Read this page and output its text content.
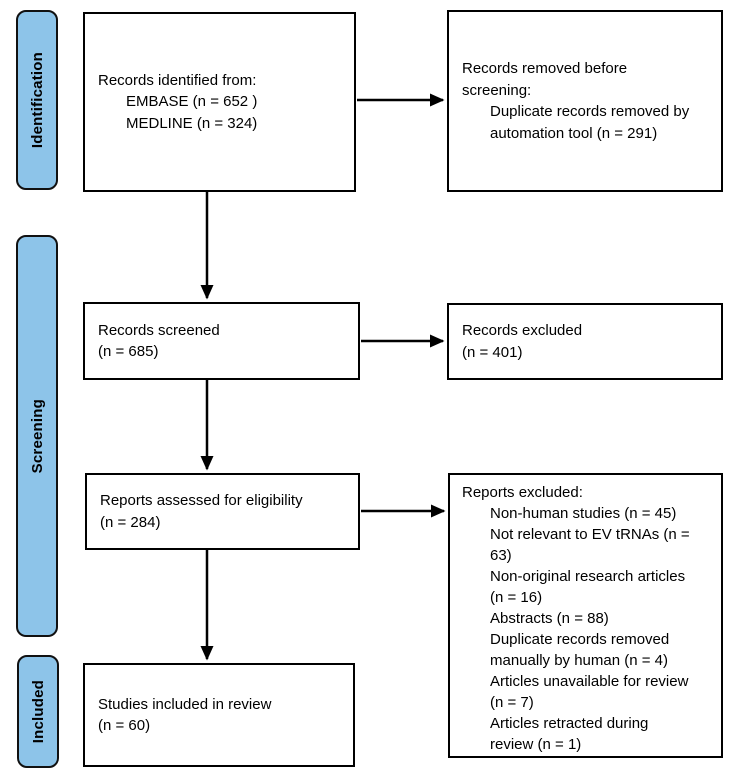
Identification
Screening
Included
Records identified from:
EMBASE (n = 652 )
MEDLINE (n = 324)
Records screened
(n = 685)
Reports assessed for eligibility
(n = 284)
Studies included in review
(n = 60)
Records removed before
screening:
Duplicate records removed by
automation tool (n = 291)
Records excluded
(n = 401)
Reports excluded:
Non-human studies (n = 45)
Not relevant to EV tRNAs (n =
63)
Non-original research articles
(n = 16)
Abstracts (n = 88)
Duplicate records removed
manually by human (n = 4)
Articles unavailable for review
(n = 7)
Articles retracted during
review (n = 1)
